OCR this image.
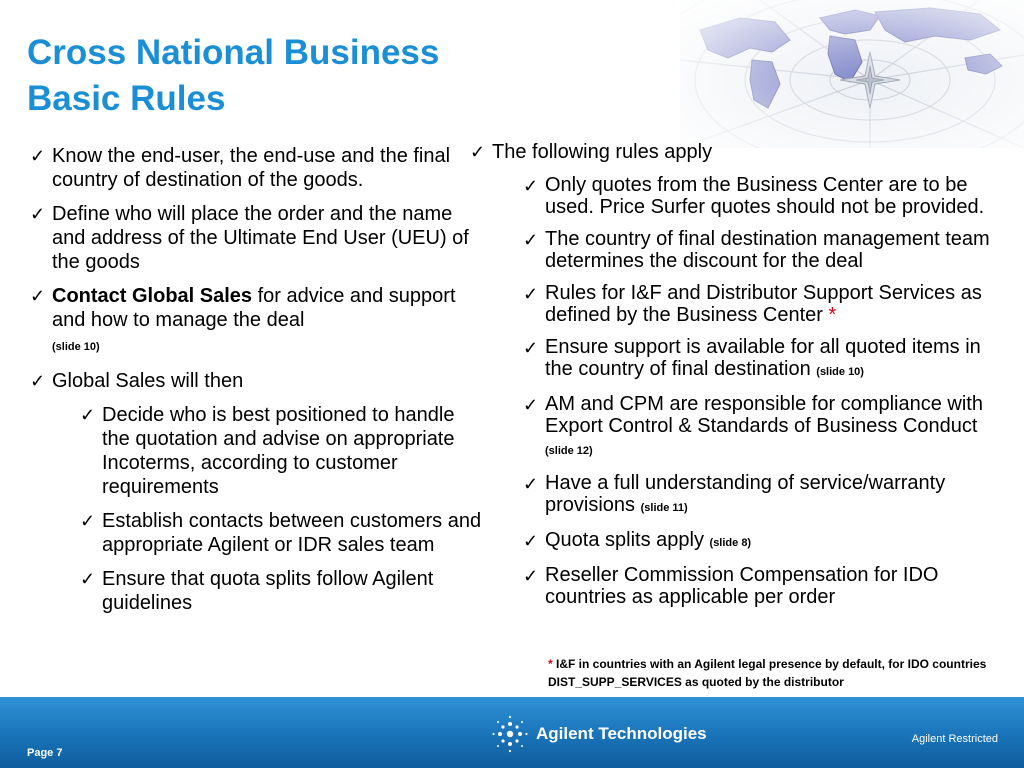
Cross National Business
Basic Rules
✓ Know the end-user, the end-use and the final country of destination of the goods.
✓ Define who will place the order and the name and address of the Ultimate End User (UEU) of the goods
✓ Contact Global Sales for advice and support and how to manage the deal
(slide 10)
✓ Global Sales will then
✓ Decide who is best positioned to handle the quotation and advise on appropriate Incoterms, according to customer requirements
✓ Establish contacts between customers and appropriate Agilent or IDR sales team
✓ Ensure that quota splits follow Agilent guidelines
✓ The following rules apply
✓ Only quotes from the Business Center are to be used. Price Surfer quotes should not be provided.
✓ The country of final destination management team determines the discount for the deal
✓ Rules for I&F and Distributor Support Services as defined by the Business Center *
✓ Ensure support is available for all quoted items in the country of final destination (slide 10)
✓ AM and CPM are responsible for compliance with Export Control & Standards of Business Conduct (slide 12)
✓ Have a full understanding of service/warranty provisions (slide 11)
✓ Quota splits apply (slide 8)
✓ Reseller Commission Compensation for IDO countries as applicable per order
* I&F in countries with an Agilent legal presence by default, for IDO countries DIST_SUPP_SERVICES as quoted by the distributor
Agilent Technologies
Page 7
Agilent Restricted
